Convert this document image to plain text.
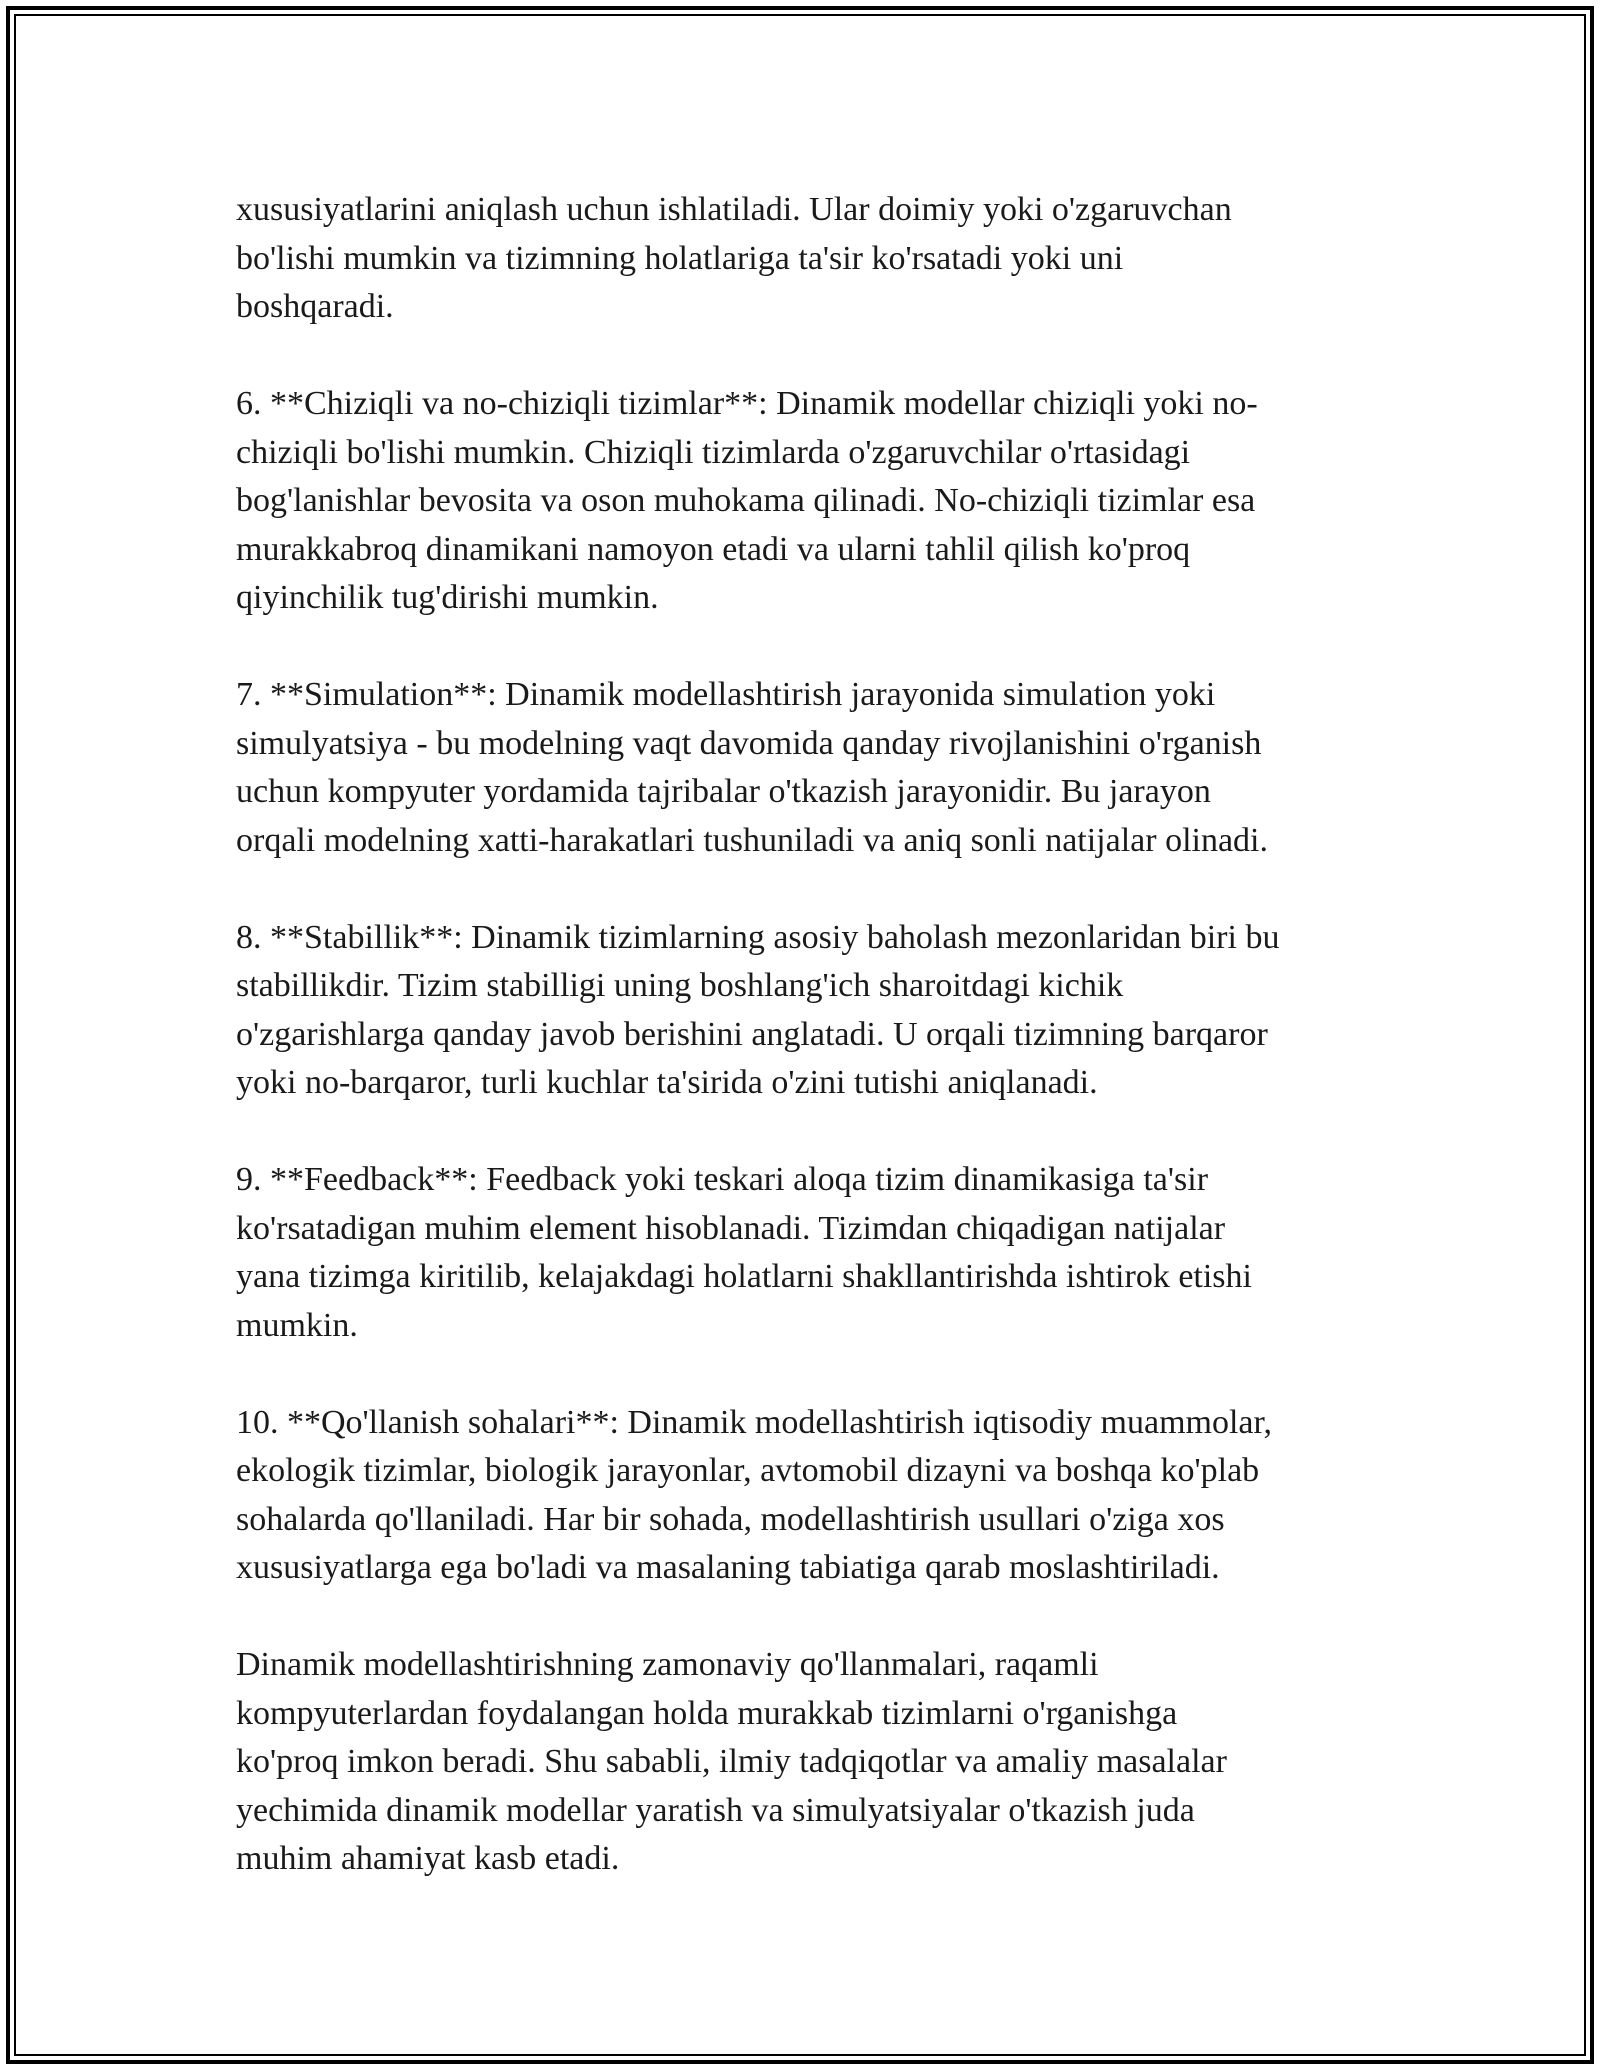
xususiyatlarini aniqlash uchun ishlatiladi. Ular doimiy yoki o'zgaruvchan
bo'lishi mumkin va tizimning holatlariga ta'sir ko'rsatadi yoki uni
boshqaradi.

6. **Chiziqli va no-chiziqli tizimlar**: Dinamik modellar chiziqli yoki no-
chiziqli bo'lishi mumkin. Chiziqli tizimlarda o'zgaruvchilar o'rtasidagi
bog'lanishlar bevosita va oson muhokama qilinadi. No-chiziqli tizimlar esa
murakkabroq dinamikani namoyon etadi va ularni tahlil qilish ko'proq
qiyinchilik tug'dirishi mumkin.

7. **Simulation**: Dinamik modellashtirish jarayonida simulation yoki
simulyatsiya - bu modelning vaqt davomida qanday rivojlanishini o'rganish
uchun kompyuter yordamida tajribalar o'tkazish jarayonidir. Bu jarayon
orqali modelning xatti-harakatlari tushuniladi va aniq sonli natijalar olinadi.

8. **Stabillik**: Dinamik tizimlarning asosiy baholash mezonlaridan biri bu
stabillikdir. Tizim stabilligi uning boshlang'ich sharoitdagi kichik
o'zgarishlarga qanday javob berishini anglatadi. U orqali tizimning barqaror
yoki no-barqaror, turli kuchlar ta'sirida o'zini tutishi aniqlanadi.

9. **Feedback**: Feedback yoki teskari aloqa tizim dinamikasiga ta'sir
ko'rsatadigan muhim element hisoblanadi. Tizimdan chiqadigan natijalar
yana tizimga kiritilib, kelajakdagi holatlarni shakllantirishda ishtirok etishi
mumkin.

10. **Qo'llanish sohalari**: Dinamik modellashtirish iqtisodiy muammolar,
ekologik tizimlar, biologik jarayonlar, avtomobil dizayni va boshqa ko'plab
sohalarda qo'llaniladi. Har bir sohada, modellashtirish usullari o'ziga xos
xususiyatlarga ega bo'ladi va masalaning tabiatiga qarab moslashtiriladi.

Dinamik modellashtirishning zamonaviy qo'llanmalari, raqamli
kompyuterlardan foydalangan holda murakkab tizimlarni o'rganishga
ko'proq imkon beradi. Shu sababli, ilmiy tadqiqotlar va amaliy masalalar
yechimida dinamik modellar yaratish va simulyatsiyalar o'tkazish juda
muhim ahamiyat kasb etadi.
